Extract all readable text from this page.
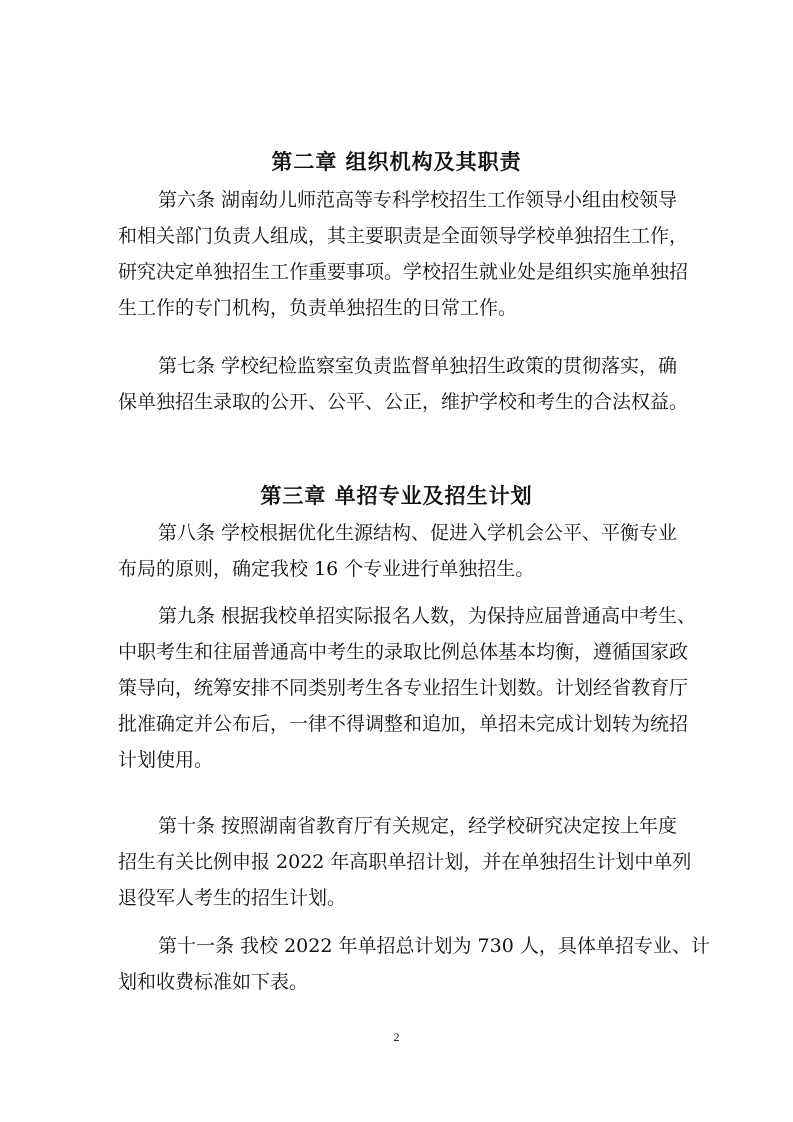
第二章 组织机构及其职责
第六条 湖南幼儿师范高等专科学校招生工作领导小组由校领导
和相关部门负责人组成，其主要职责是全面领导学校单独招生工作，
研究决定单独招生工作重要事项。学校招生就业处是组织实施单独招
生工作的专门机构，负责单独招生的日常工作。
第七条 学校纪检监察室负责监督单独招生政策的贯彻落实，确
保单独招生录取的公开、公平、公正，维护学校和考生的合法权益。
第三章 单招专业及招生计划
第八条 学校根据优化生源结构、促进入学机会公平、平衡专业
布局的原则，确定我校 16 个专业进行单独招生。
第九条 根据我校单招实际报名人数，为保持应届普通高中考生、
中职考生和往届普通高中考生的录取比例总体基本均衡，遵循国家政
策导向，统筹安排不同类别考生各专业招生计划数。计划经省教育厅
批准确定并公布后，一律不得调整和追加，单招未完成计划转为统招
计划使用。
第十条 按照湖南省教育厅有关规定，经学校研究决定按上年度
招生有关比例申报 2022 年高职单招计划，并在单独招生计划中单列
退役军人考生的招生计划。
第十一条 我校 2022 年单招总计划为 730 人，具体单招专业、计
划和收费标准如下表。
2
